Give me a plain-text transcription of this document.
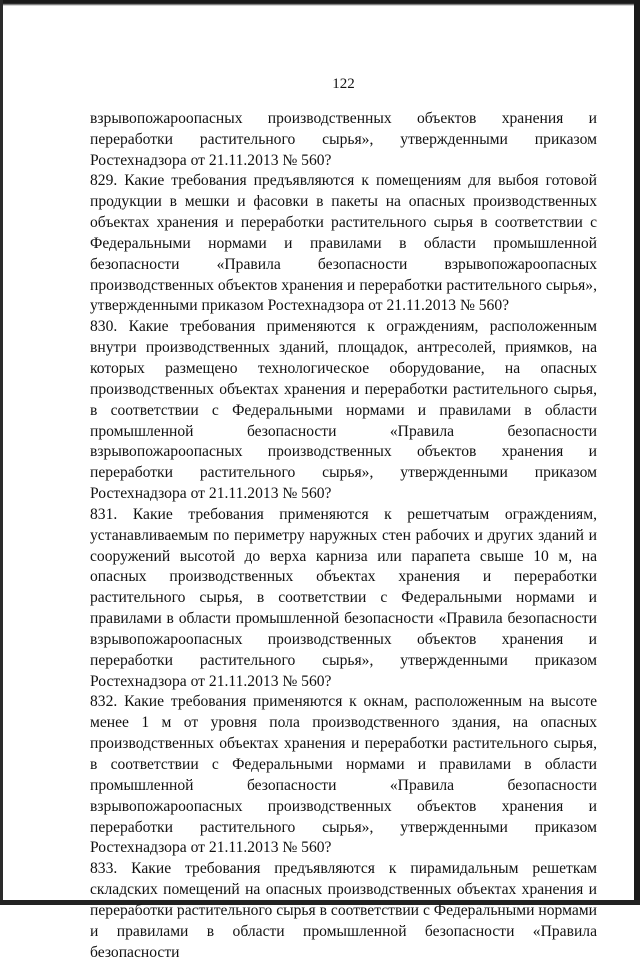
122

взрывопожароопасных производственных объектов хранения и переработки растительного сырья», утвержденными приказом Ростехнадзора от 21.11.2013 № 560?

829. Какие требования предъявляются к помещениям для выбоя готовой продукции в мешки и фасовки в пакеты на опасных производственных объектах хранения и переработки растительного сырья в соответствии с Федеральными нормами и правилами в области промышленной безопасности «Правила безопасности взрывопожароопасных производственных объектов хранения и переработки растительного сырья», утвержденными приказом Ростехнадзора от 21.11.2013 № 560?

830. Какие требования применяются к ограждениям, расположенным внутри производственных зданий, площадок, антресолей, приямков, на которых размещено технологическое оборудование, на опасных производственных объектах хранения и переработки растительного сырья, в соответствии с Федеральными нормами и правилами в области промышленной безопасности «Правила безопасности взрывопожароопасных производственных объектов хранения и переработки растительного сырья», утвержденными приказом Ростехнадзора от 21.11.2013 № 560?

831. Какие требования применяются к решетчатым ограждениям, устанавливаемым по периметру наружных стен рабочих и других зданий и сооружений высотой до верха карниза или парапета свыше 10 м, на опасных производственных объектах хранения и переработки растительного сырья, в соответствии с Федеральными нормами и правилами в области промышленной безопасности «Правила безопасности взрывопожароопасных производственных объектов хранения и переработки растительного сырья», утвержденными приказом Ростехнадзора от 21.11.2013 № 560?

832. Какие требования применяются к окнам, расположенным на высоте менее 1 м от уровня пола производственного здания, на опасных производственных объектах хранения и переработки растительного сырья, в соответствии с Федеральными нормами и правилами в области промышленной безопасности «Правила безопасности взрывопожароопасных производственных объектов хранения и переработки растительного сырья», утвержденными приказом Ростехнадзора от 21.11.2013 № 560?

833. Какие требования предъявляются к пирамидальным решеткам складских помещений на опасных производственных объектах хранения и переработки растительного сырья в соответствии с Федеральными нормами и правилами в области промышленной безопасности «Правила безопасности
